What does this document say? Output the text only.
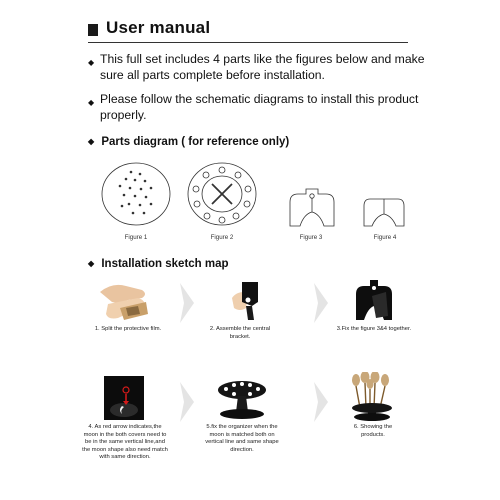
User manual
◆ This full set includes 4 parts like the figures below and make
sure all parts complete before installation.
◆ Please follow the schematic diagrams to install this product
properly.
◆ Parts diagram ( for reference only)
Figure 1	Figure 2	Figure 3	Figure 4
◆ Installation sketch map
1. Split the protective film.	2. Assemble the central
bracket.
3.Fix the figure 3&4 together.
4. As red arrow indicates,the
moon in the both covers need to
be in the same vertical line,and
the moon shape also need match
with same direction.
5.fix the organizer when the
moon is matched both on
vertical line and same shape
direction.
6. Showing the
products.
